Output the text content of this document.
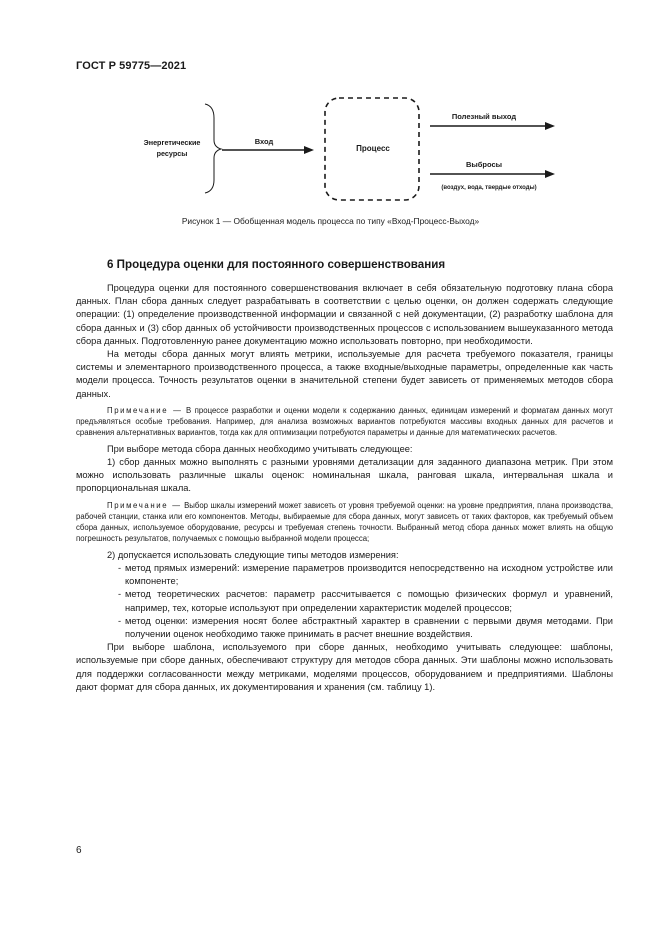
ГОСТ Р 59775—2021
Энергетические
ресурсы
Вход
Процесс
Полезный выход
Выбросы
(воздух, вода, твердые отходы)
Рисунок 1 — Обобщенная модель процесса по типу «Вход-Процесс-Выход»
6 Процедура оценки для постоянного совершенствования

Процедура оценки для постоянного совершенствования включает в себя обязательную подготовку плана сбора данных. План сбора данных следует разрабатывать в соответствии с целью оценки, он должен содержать следующие операции: (1) определение производственной информации и связанной с ней документации, (2) разработку шаблона для сбора данных и (3) сбор данных об устойчивости производственных процессов с использованием вышеуказанного метода сбора данных. Подготовленную ранее документацию можно использовать повторно, при необходимости.

На методы сбора данных могут влиять метрики, используемые для расчета требуемого показателя, границы системы и элементарного производственного процесса, а также входные/выходные параметры, определенные как часть модели процесса. Точность результатов оценки в значительной степени будет зависеть от применяемых методов сбора данных.

Примечание — В процессе разработки и оценки модели к содержанию данных, единицам измерений и форматам данных могут предъявляться особые требования. Например, для анализа возможных вариантов потребуются массивы входных данных для расчетов и сравнения альтернативных вариантов, тогда как для оптимизации потребуются параметры и данные для математических расчетов.

При выборе метода сбора данных необходимо учитывать следующее:

1) сбор данных можно выполнять с разными уровнями детализации для заданного диапазона метрик. При этом можно использовать различные шкалы оценок: номинальная шкала, ранговая шкала, интервальная шкала и пропорциональная шкала.

Примечание — Выбор шкалы измерений может зависеть от уровня требуемой оценки: на уровне предприятия, плана производства, рабочей станции, станка или его компонентов. Методы, выбираемые для сбора данных, могут зависеть от таких факторов, как требуемый объем сбора данных, используемое оборудование, ресурсы и требуемая степень точности. Выбранный метод сбора данных может влиять на общую погрешность результатов, получаемых с помощью выбранной модели процесса;

2) допускается использовать следующие типы методов измерения:

- метод прямых измерений: измерение параметров производится непосредственно на исходном устройстве или компоненте;

- метод теоретических расчетов: параметр рассчитывается с помощью физических формул и уравнений, например, тех, которые используют при определении характеристик моделей процессов;

- метод оценки: измерения носят более абстрактный характер в сравнении с первыми двумя методами. При получении оценок необходимо также принимать в расчет внешние воздействия.

При выборе шаблона, используемого при сборе данных, необходимо учитывать следующее: шаблоны, используемые при сборе данных, обеспечивают структуру для методов сбора данных. Эти шаблоны можно использовать для поддержки согласованности между метриками, моделями процессов, оборудованием и предприятиями. Шаблоны дают формат для сбора данных, их документирования и хранения (см. таблицу 1).

6
